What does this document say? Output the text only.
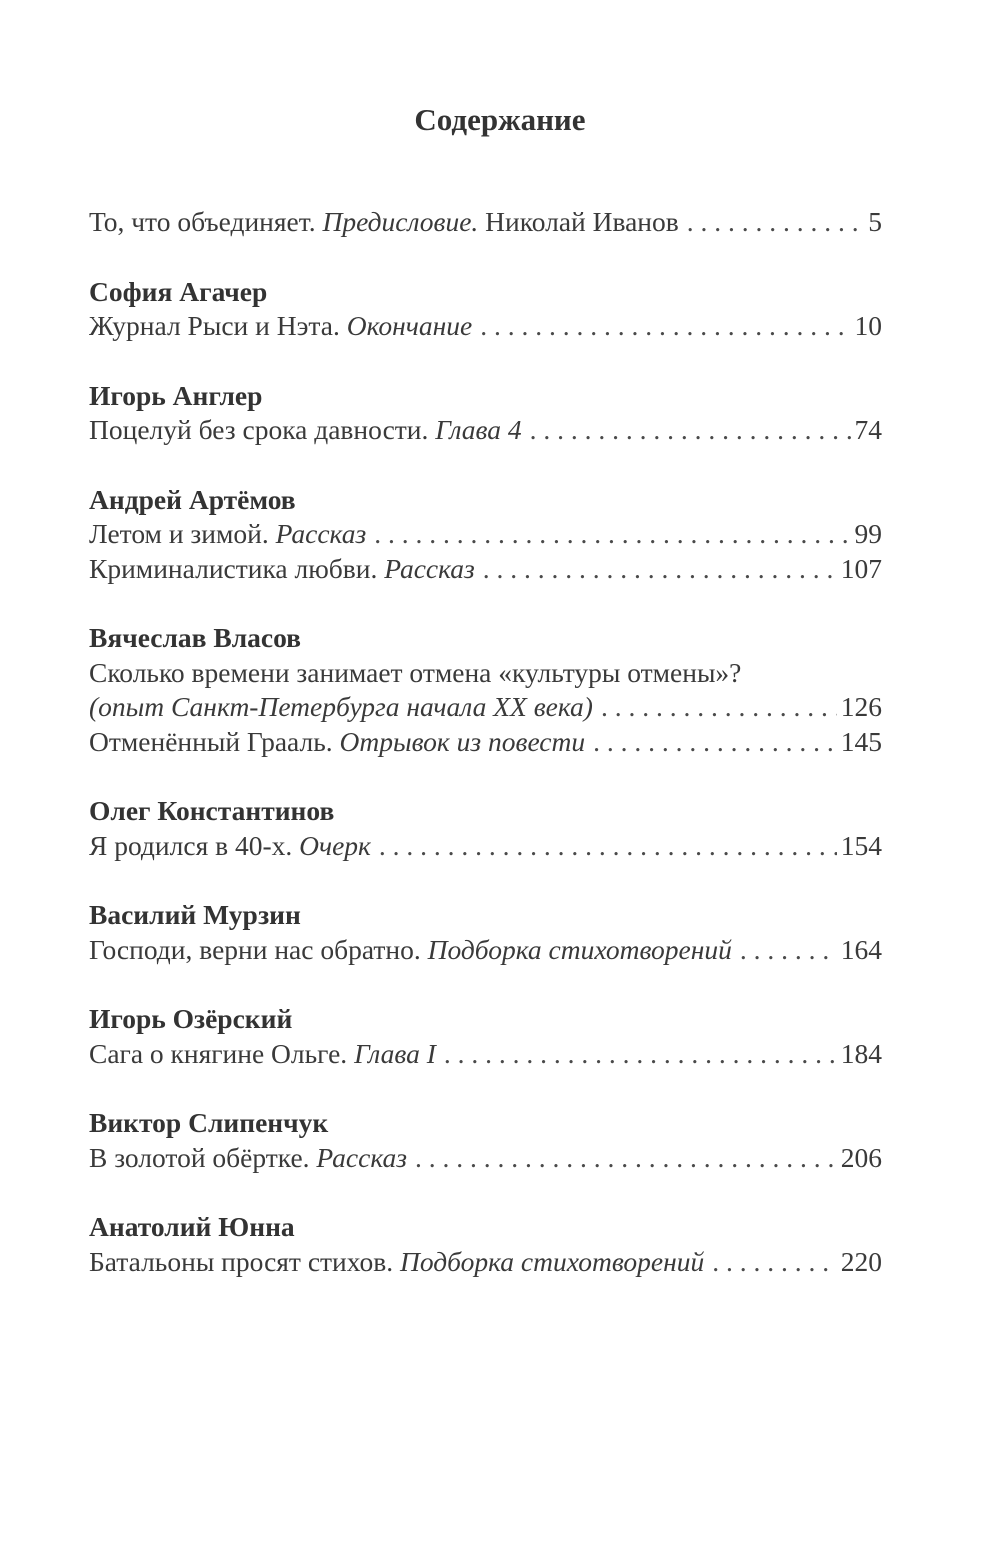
Содержание
То, что объединяет. Предисловие. Николай Иванов . . .	5
София Агачер
Журнал Рыси и Нэта. Окончание . . .	10
Игорь Англер
Поцелуй без срока давности. Глава 4 . . .	74
Андрей Артёмов
Летом и зимой. Рассказ . . .	99
Криминалистика любви. Рассказ . . .	107
Вячеслав Власов
Сколько времени занимает отмена «культуры отмены»?
(опыт Санкт-Петербурга начала XX века) . . .	126
Отменённый Грааль. Отрывок из повести . . .	145
Олег Константинов
Я родился в 40-х. Очерк . . .	154
Василий Мурзин
Господи, верни нас обратно. Подборка стихотворений . . .	164
Игорь Озёрский
Сага о княгине Ольге. Глава I . . .	184
Виктор Слипенчук
В золотой обёртке. Рассказ . . .	206
Анатолий Юнна
Батальоны просят стихов. Подборка стихотворений . . .	220
